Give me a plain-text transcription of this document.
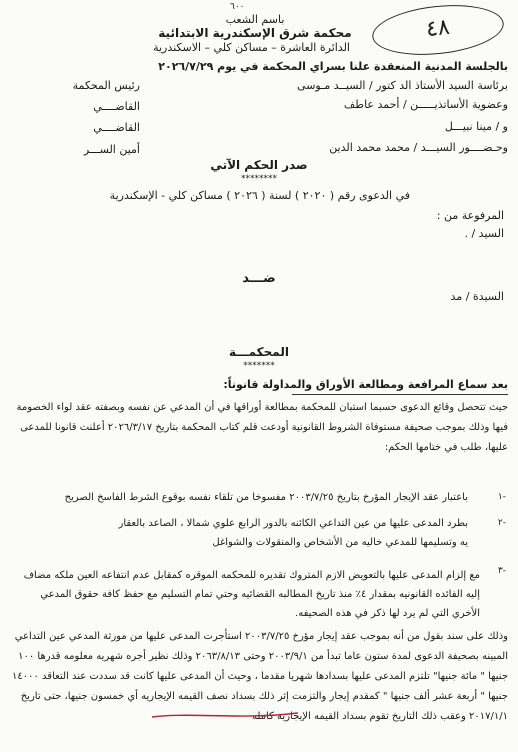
٦٠٠
باسم الشعب
محكمة شرق الإسكندرية الابتدائية
الدائرة العاشرة – مساكن كلي – الاسكندرية
٤٨
بالجلسة المدنية المنعقدة علنا بسراي المحكمة في يوم ٢٠٢٦/٧/٢٩
برئاسة السيد الأستاذ الد كتور / السيــد مـوسى
وعضوية الأساتذيـــــن / أحمد عاطف
و / مينا نبيـــل
وحـضــــور السيـــد / محمد محمد الدين
رئيس المحكمة
القاضــــي
القاضــــي
أمين الســـر
صدر الحكم الآتي
********
في الدعوى رقم ( ٢٠٢٠ ) لسنة ( ٢٠٢٦ ) مساكن كلي - الإسكندرية
المرفوعة من :
السيد / .
ضـــد
السيدة / مد
المحكمـــة
*******
بعد سماع المرافعة ومطالعة الأوراق والمداولة قانوناً:
حيث تتحصل وقائع الدعوى حسبما استبان للمحكمة بمطالعة أوراقها في أن المدعي عن نفسه وبصفته عقد لواء الخصومة فيها وذلك بموجب صحيفة مستوفاة الشروط القانونية أودعت قلم كتاب المحكمة بتاريخ ٢٠٢٦/٣/١٧ أعلنت قانونا للمدعى عليها، طلب في ختامها الحكم:
-١
باعتبار عقد الإيجار المؤرخ بتاريخ ٢٠٠٣/٧/٢٥ مفسوخا من تلقاء نفسه بوقوع الشرط الفاسخ الصريح
-٢
بطرد المدعى عليها من عين التداعي الكائنه بالدور الرابع علوي شمالا ، الصاعد بالعقار
يه وتسليمها للمدعي خاليه من الأشخاص والمنقولات والشواغل
-٣
مع إلزام المدعى عليها بالتعويض الازم المتروك تقديره للمحكمه الموقره كمقابل عدم انتفاعه العين ملكه مضاف إليه الفائده القانونيه بمقدار ٤٪ منذ تاريخ المطالبه القضائيه وحتي تمام التسليم مع حفظ كافة حقوق المدعي الأخري التي لم يرد لها ذكر في هذه الصحيفه.
وذلك على سند بقول من أنه بموجب عقد إيجار مؤرخ ٢٠٠٣/٧/٢٥ استأجرت المدعى عليها من مورثة المدعي عين التداعي المبينه بصحيفة الدعوى لمدة ستون عاما تبدأ من ٢٠٠٣/٩/١ وحتى ٢٠٦٣/٨/١٣ وذلك نظير أجره شهريه معلومه قدرها ١٠٠ جنيها " مائة جنيها" تلتزم المدعى عليها بسدادها شهريا مقدما ، وحيث أن المدعى عليها كانت قد سددت عند التعاقد ١٤٠٠٠ جنيها " أربعة عشر ألف جنيها " كمقدم إيجار والتزمت إثر ذلك بسداد نصف القيمه الإيجاريه أي خمسون جنيها، حتى تاريخ ٢٠١٧/١/١ وعقب ذلك التاريخ تقوم بسداد القيمه الإيجاريه كامله
